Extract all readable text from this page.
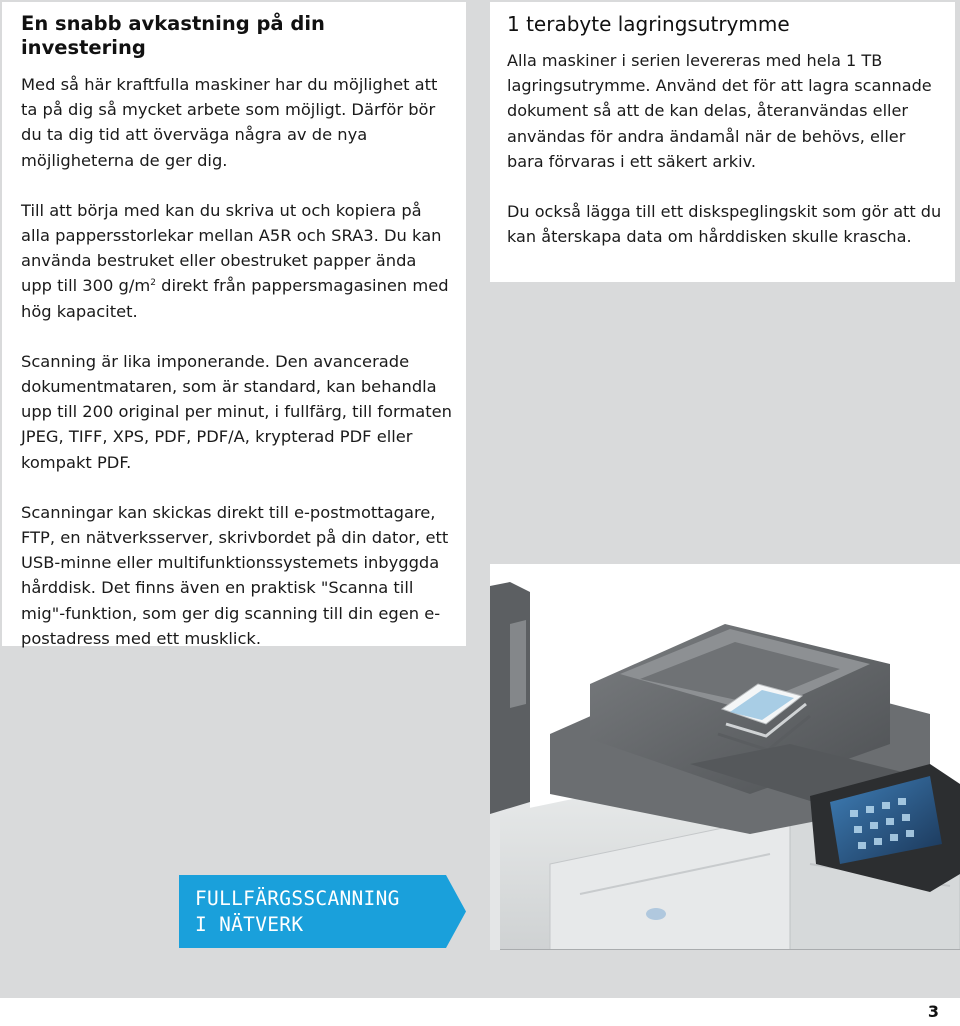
En snabb avkastning på din investering

Med så här kraftfulla maskiner har du möjlighet att ta på dig så mycket arbete som möjligt. Därför bör du ta dig tid att överväga några av de nya möjligheterna de ger dig.

Till att börja med kan du skriva ut och kopiera på alla pappersstorlekar mellan A5R och SRA3. Du kan använda bestruket eller obestruket papper ända upp till 300 $g/m^2$ direkt från pappersmagasinen med hög kapacitet.

Scanning är lika imponerande. Den avancerade dokumentmataren, som är standard, kan behandla upp till 200 original per minut, i fullfärg, till formaten JPEG, TIFF, XPS, PDF, PDF/A, krypterad PDF eller kompakt PDF.

Scanningar kan skickas direkt till e-postmottagare, FTP, en nätverksserver, skrivbordet på din dator, ett USB-minne eller multifunktionssystemets inbyggda hårddisk. Det finns även en praktisk "Scanna till mig"-funktion, som ger dig scanning till din egen e-postadress med ett musklick.

1 terabyte lagringsutrymme

Alla maskiner i serien levereras med hela 1 TB lagringsutrymme. Använd det för att lagra scannade dokument så att de kan delas, återanvändas eller användas för andra ändamål när de behövs, eller bara förvaras i ett säkert arkiv.

Du också lägga till ett diskspeglingskit som gör att du kan återskapa data om hårddisken skulle krascha.

FULLFÄRGSSCANNING
I NÄTVERK
3
